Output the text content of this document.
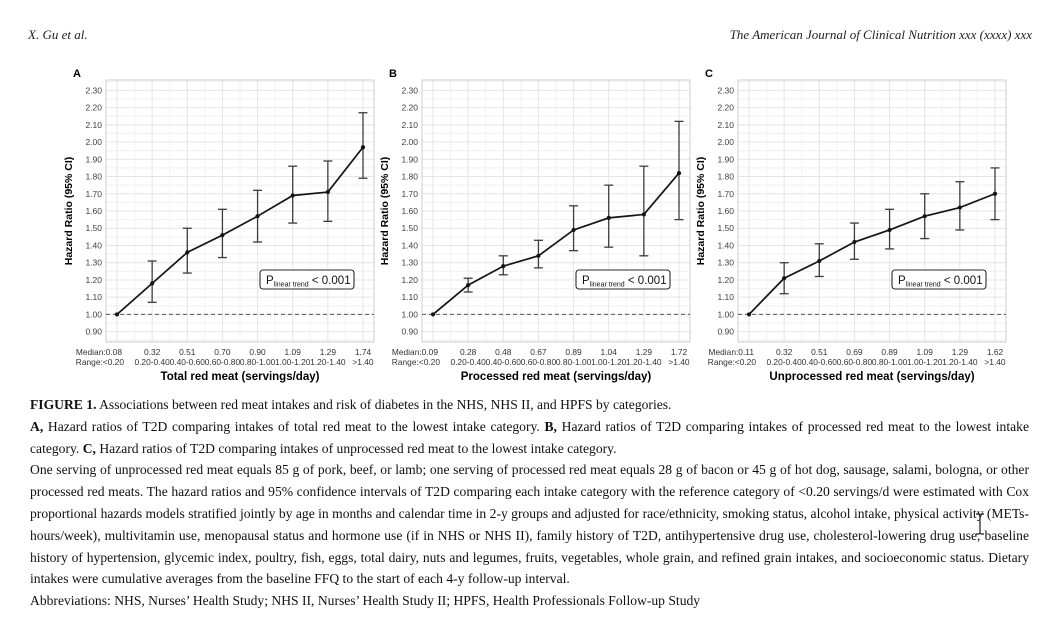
X. Gu et al.	The American Journal of Clinical Nutrition xxx (xxxx) xxx
$P_{linear trend} < 0.001$
0.90
1.00
1.10
1.20
1.30
1.40
1.50
1.60
1.70
1.80
1.90
2.00
2.10
2.20
2.30
A
Hazard Ratio (95% CI)
Median:0.08	0.32 0.51 0.70 0.90 1.09 1.29 1.74
Range:<0.20 0.20-0.40 0.40-0.60 0.60-0.80 0.80-1.00 1.00-1.20 1.20-1.40 >1.40
Total red meat (servings/day)
$P_{linear trend} < 0.001$
0.90
1.00
1.10
1.20
1.30
1.40
1.50
1.60
1.70
1.80
1.90
2.00
2.10
2.20
2.30
B
Hazard Ratio (95% CI)
Median:0.09	0.28 0.48 0.67 0.89 1.04 1.29 1.72
Range:<0.20 0.20-0.40 0.40-0.60 0.60-0.80 0.80-1.00 1.00-1.20 1.20-1.40 >1.40
Processed red meat (servings/day)
$P_{linear trend} < 0.001$
0.90
1.00
1.10
1.20
1.30
1.40
1.50
1.60
1.70
1.80
1.90
2.00
2.10
2.20
2.30
C
Hazard Ratio (95% CI)
Median:0.11	0.32 0.51 0.69 0.89 1.09 1.29 1.62
Range:<0.20 0.20-0.40 0.40-0.60 0.60-0.80 0.80-1.00 1.00-1.20 1.20-1.40 >1.40
Unprocessed red meat (servings/day)

FIGURE 1. Associations between red meat intakes and risk of diabetes in the NHS, NHS II, and HPFS by categories.

A, Hazard ratios of T2D comparing intakes of total red meat to the lowest intake category. B, Hazard ratios of T2D comparing intakes of processed red meat to the lowest intake category. C, Hazard ratios of T2D comparing intakes of unprocessed red meat to the lowest intake category.

One serving of unprocessed red meat equals 85 g of pork, beef, or lamb; one serving of processed red meat equals 28 g of bacon or 45 g of hot dog, sausage, salami, bologna, or other processed red meats. The hazard ratios and 95% confidence intervals of T2D comparing each intake category with the reference category of <0.20 servings/d were estimated with Cox proportional hazards models stratified jointly by age in months and calendar time in 2-y groups and adjusted for race/ethnicity, smoking status, alcohol intake, physical activity (METs-hours/week), multivitamin use, menopausal status and hormone use (if in NHS or NHS II), family history of T2D, antihypertensive drug use, cholesterol-lowering drug use, baseline history of hypertension, glycemic index, poultry, fish, eggs, total dairy, nuts and legumes, fruits, vegetables, whole grain, and refined grain intakes, and socioeconomic status. Dietary intakes were cumulative averages from the baseline FFQ to the start of each 4-y follow-up interval.

Abbreviations: NHS, Nurses’ Health Study; NHS II, Nurses’ Health Study II; HPFS, Health Professionals Follow-up Study
